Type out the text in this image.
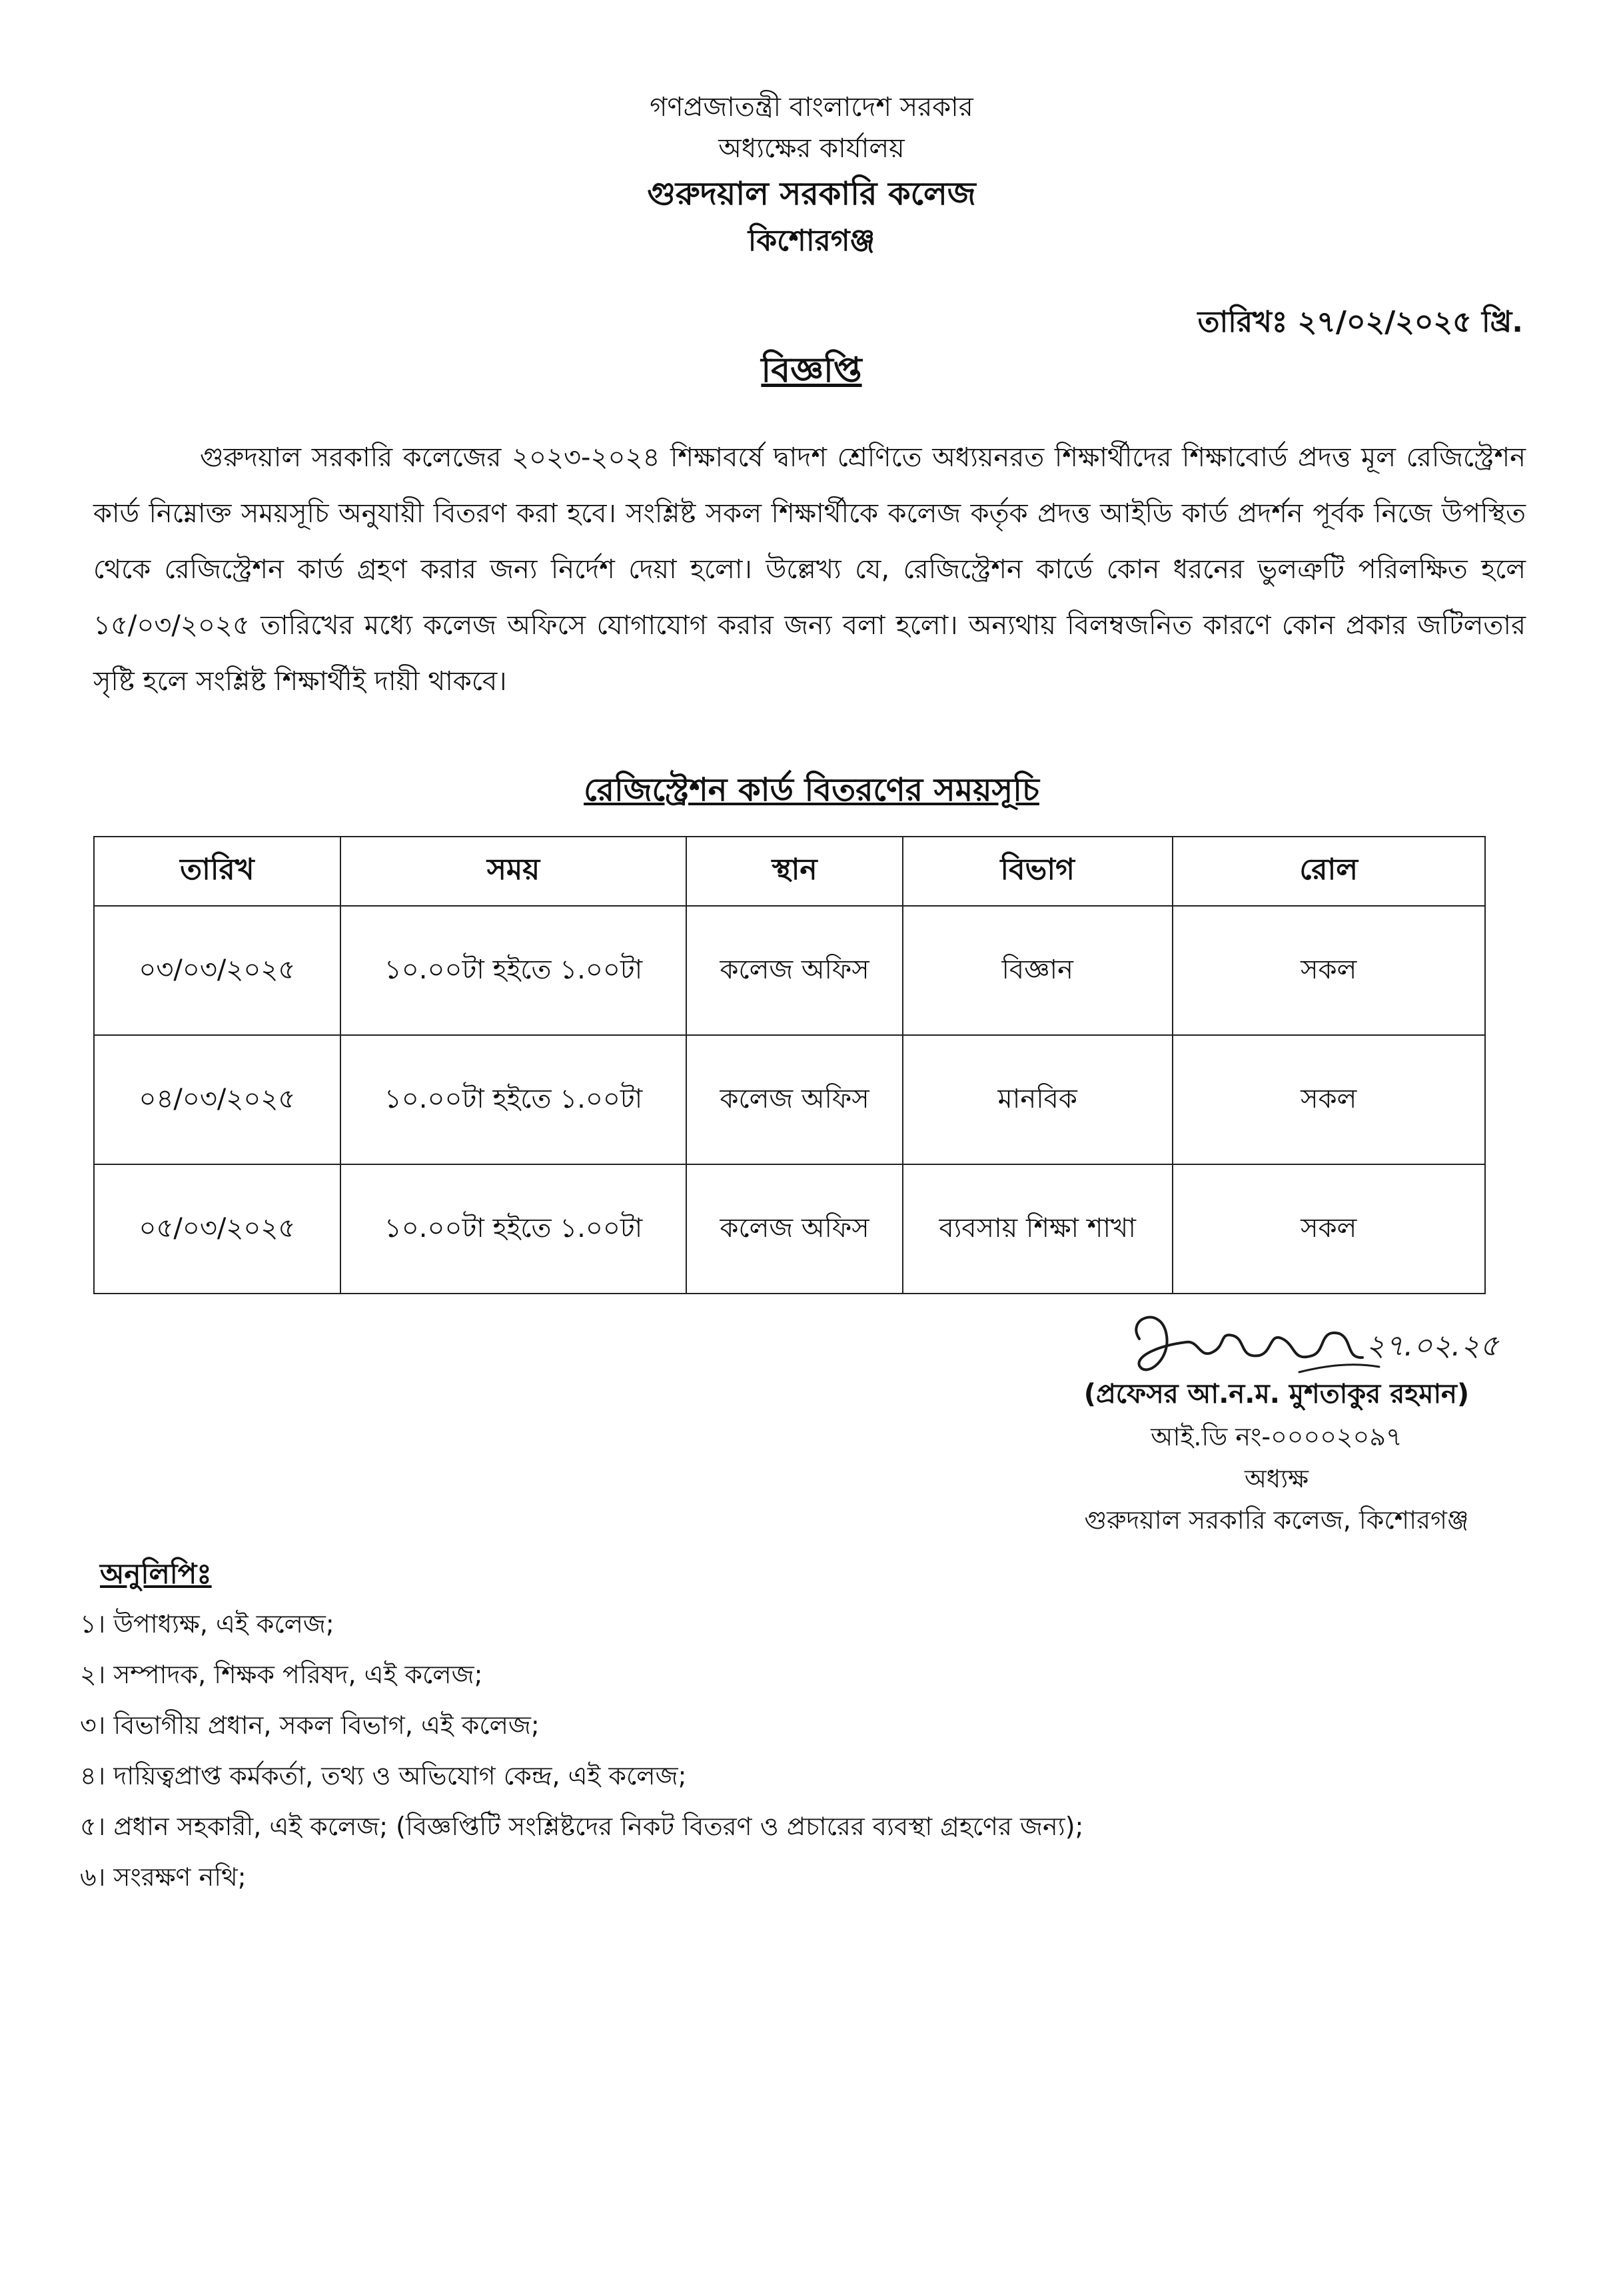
গণপ্রজাতন্ত্রী বাংলাদেশ সরকার
অধ্যক্ষের কার্যালয়
গুরুদয়াল সরকারি কলেজ
কিশোরগঞ্জ
তারিখঃ ২৭/০২/২০২৫ খ্রি.
বিজ্ঞপ্তি
গুরুদয়াল সরকারি কলেজের ২০২৩-২০২৪ শিক্ষাবর্ষে দ্বাদশ শ্রেণিতে অধ্যয়নরত শিক্ষার্থীদের শিক্ষাবোর্ড প্রদত্ত মূল রেজিস্ট্রেশন কার্ড নিম্নোক্ত সময়সূচি অনুযায়ী বিতরণ করা হবে। সংশ্লিষ্ট সকল শিক্ষার্থীকে কলেজ কর্তৃক প্রদত্ত আইডি কার্ড প্রদর্শন পূর্বক নিজে উপস্থিত থেকে রেজিস্ট্রেশন কার্ড গ্রহণ করার জন্য নির্দেশ দেয়া হলো। উল্লেখ্য যে, রেজিস্ট্রেশন কার্ডে কোন ধরনের ভুলত্রুটি পরিলক্ষিত হলে ১৫/০৩/২০২৫ তারিখের মধ্যে কলেজ অফিসে যোগাযোগ করার জন্য বলা হলো। অন্যথায় বিলম্বজনিত কারণে কোন প্রকার জটিলতার সৃষ্টি হলে সংশ্লিষ্ট শিক্ষার্থীই দায়ী থাকবে।
রেজিস্ট্রেশন কার্ড বিতরণের সময়সূচি
তারিখ	সময়	স্থান	বিভাগ	রোল
০৩/০৩/২০২৫	১০.০০টা হইতে ১.০০টা	কলেজ অফিস	বিজ্ঞান	সকল
০৪/০৩/২০২৫	১০.০০টা হইতে ১.০০টা	কলেজ অফিস	মানবিক	সকল
০৫/০৩/২০২৫	১০.০০টা হইতে ১.০০টা	কলেজ অফিস	ব্যবসায় শিক্ষা শাখা	সকল
২৭.০২.২৫
(প্রফেসর আ.ন.ম. মুশতাকুর রহমান)
আই.ডি নং-০০০০২০৯৭
অধ্যক্ষ
গুরুদয়াল সরকারি কলেজ, কিশোরগঞ্জ
অনুলিপিঃ
১। উপাধ্যক্ষ, এই কলেজ;
২। সম্পাদক, শিক্ষক পরিষদ, এই কলেজ;
৩। বিভাগীয় প্রধান, সকল বিভাগ, এই কলেজ;
৪। দায়িত্বপ্রাপ্ত কর্মকর্তা, তথ্য ও অভিযোগ কেন্দ্র, এই কলেজ;
৫। প্রধান সহকারী, এই কলেজ; (বিজ্ঞপ্তিটি সংশ্লিষ্টদের নিকট বিতরণ ও প্রচারের ব্যবস্থা গ্রহণের জন্য);
৬। সংরক্ষণ নথি;
